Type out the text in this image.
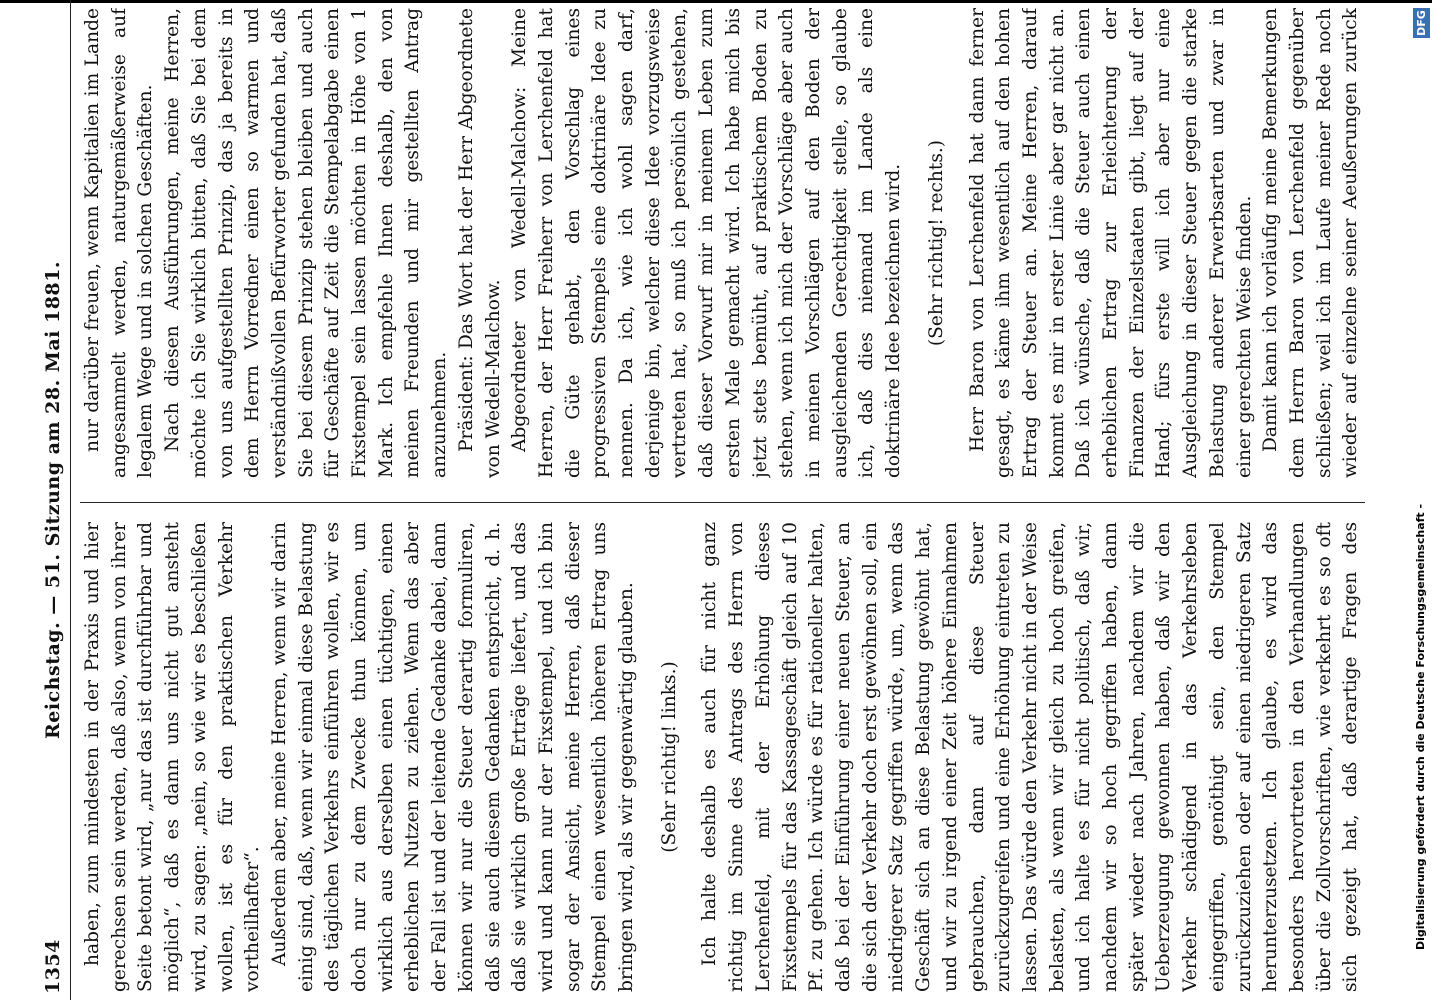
1354
Reichstag. — 51. Sitzung am 28. Mai 1881.

haben, zum mindesten in der Praxis und hier gerechsen sein werden, daß also, wenn von ihrer Seite betont wird, „nur das ist durchführbar und möglich“, daß es dann uns nicht gut ansteht wird, zu sagen: „nein, so wie wir es beschließen wollen, ist es für den praktischen Verkehr vortheilhafter“. Außerdem aber, meine Herren, wenn wir darin einig sind, daß, wenn wir einmal diese Belastung des täglichen Verkehrs einführen wollen, wir es doch nur zu dem Zwecke thun können, um wirklich aus derselben einen tüchtigen, einen erheblichen Nutzen zu ziehen. Wenn das aber der Fall ist und der leitende Gedanke dabei, dann können wir nur die Steuer derartig formuliren, daß sie auch diesem Gedanken entspricht, d. h. daß sie wirklich große Erträge liefert, und das wird und kann nur der Fixstempel, und ich bin sogar der Ansicht, meine Herren, daß dieser Stempel einen wesentlich höheren Ertrag uns bringen wird, als wir gegenwärtig glauben. (Sehr richtig! links.)

Ich halte deshalb es auch für nicht ganz richtig im Sinne des Antrags des Herrn von Lerchenfeld, mit der Erhöhung dieses Fixstempels für das Kassageschäft gleich auf 10 Pf. zu gehen. Ich würde es für rationeller halten, daß bei der Einführung einer neuen Steuer, an die sich der Verkehr doch erst gewöhnen soll, ein niedrigerer Satz gegriffen würde, um, wenn das Geschäft sich an diese Belastung gewöhnt hat, und wir zu irgend einer Zeit höhere Einnahmen gebrauchen, dann auf diese Steuer zurückzugreifen und eine Erhöhung eintreten zu lassen. Das würde den Verkehr nicht in der Weise belasten, als wenn wir gleich zu hoch greifen, und ich halte es für nicht politisch, daß wir, nachdem wir so hoch gegriffen haben, dann später wieder nach Jahren, nachdem wir die Ueberzeugung gewonnen haben, daß wir den Verkehr schädigend in das Verkehrsleben eingegriffen, genöthigt sein, den Stempel zurückzuziehen oder auf einen niedrigeren Satz herunterzusetzen. Ich glaube, es wird das besonders hervortreten in den Verhandlungen über die Zollvorschriften, wie verkehrt es so oft sich gezeigt hat, daß derartige Fragen des

nur darüber freuen, wenn Kapitalien im Lande angesammelt werden, naturgemäßerweise auf legalem Wege und in solchen Geschäften. Nach diesen Ausführungen, meine Herren, möchte ich Sie wirklich bitten, daß Sie bei dem von uns aufgestellten Prinzip, das ja bereits in dem Herrn Vorredner einen so warmen und verständnißvollen Befürworter gefunden hat, daß Sie bei diesem Prinzip stehen bleiben und auch für Geschäfte auf Zeit die Stempelabgabe einen Fixstempel sein lassen möchten in Höhe von 1 Mark. Ich empfehle Ihnen deshalb, den von meinen Freunden und mir gestellten Antrag anzunehmen. Präsident: Das Wort hat der Herr Abgeordnete von Wedell-Malchow. Abgeordneter von Wedell-Malchow: Meine Herren, der Herr Freiherr von Lerchenfeld hat die Güte gehabt, den Vorschlag eines progressiven Stempels eine doktrinäre Idee zu nennen. Da ich, wie ich wohl sagen darf, derjenige bin, welcher diese Idee vorzugsweise vertreten hat, so muß ich persönlich gestehen, daß dieser Vorwurf mir in meinem Leben zum ersten Male gemacht wird. Ich habe mich bis jetzt stets bemüht, auf praktischem Boden zu stehen, wenn ich mich der Vorschläge aber auch in meinen Vorschlägen auf den Boden der ausgleichenden Gerechtigkeit stelle, so glaube ich, daß dies niemand im Lande als eine doktrinäre Idee bezeichnen wird. (Sehr richtig! rechts.) Herr Baron von Lerchenfeld hat dann ferner gesagt, es käme ihm wesentlich auf den hohen Ertrag der Steuer an. Meine Herren, darauf kommt es mir in erster Linie aber gar nicht an. Daß ich wünsche, daß die Steuer auch einen erheblichen Ertrag zur Erleichterung der Finanzen der Einzelstaaten gibt, liegt auf der Hand; fürs erste will ich aber nur eine Ausgleichung in dieser Steuer gegen die starke Belastung anderer Erwerbsarten und zwar in einer gerechten Weise finden. Damit kann ich vorläufig meine Bemerkungen dem Herrn Baron von Lerchenfeld gegenüber schließen; weil ich im Laufe meiner Rede noch wieder auf einzelne seiner Aeußerungen zurück

Digitalisierung gefördert durch die Deutsche Forschungsgemeinschaft -
DFG
